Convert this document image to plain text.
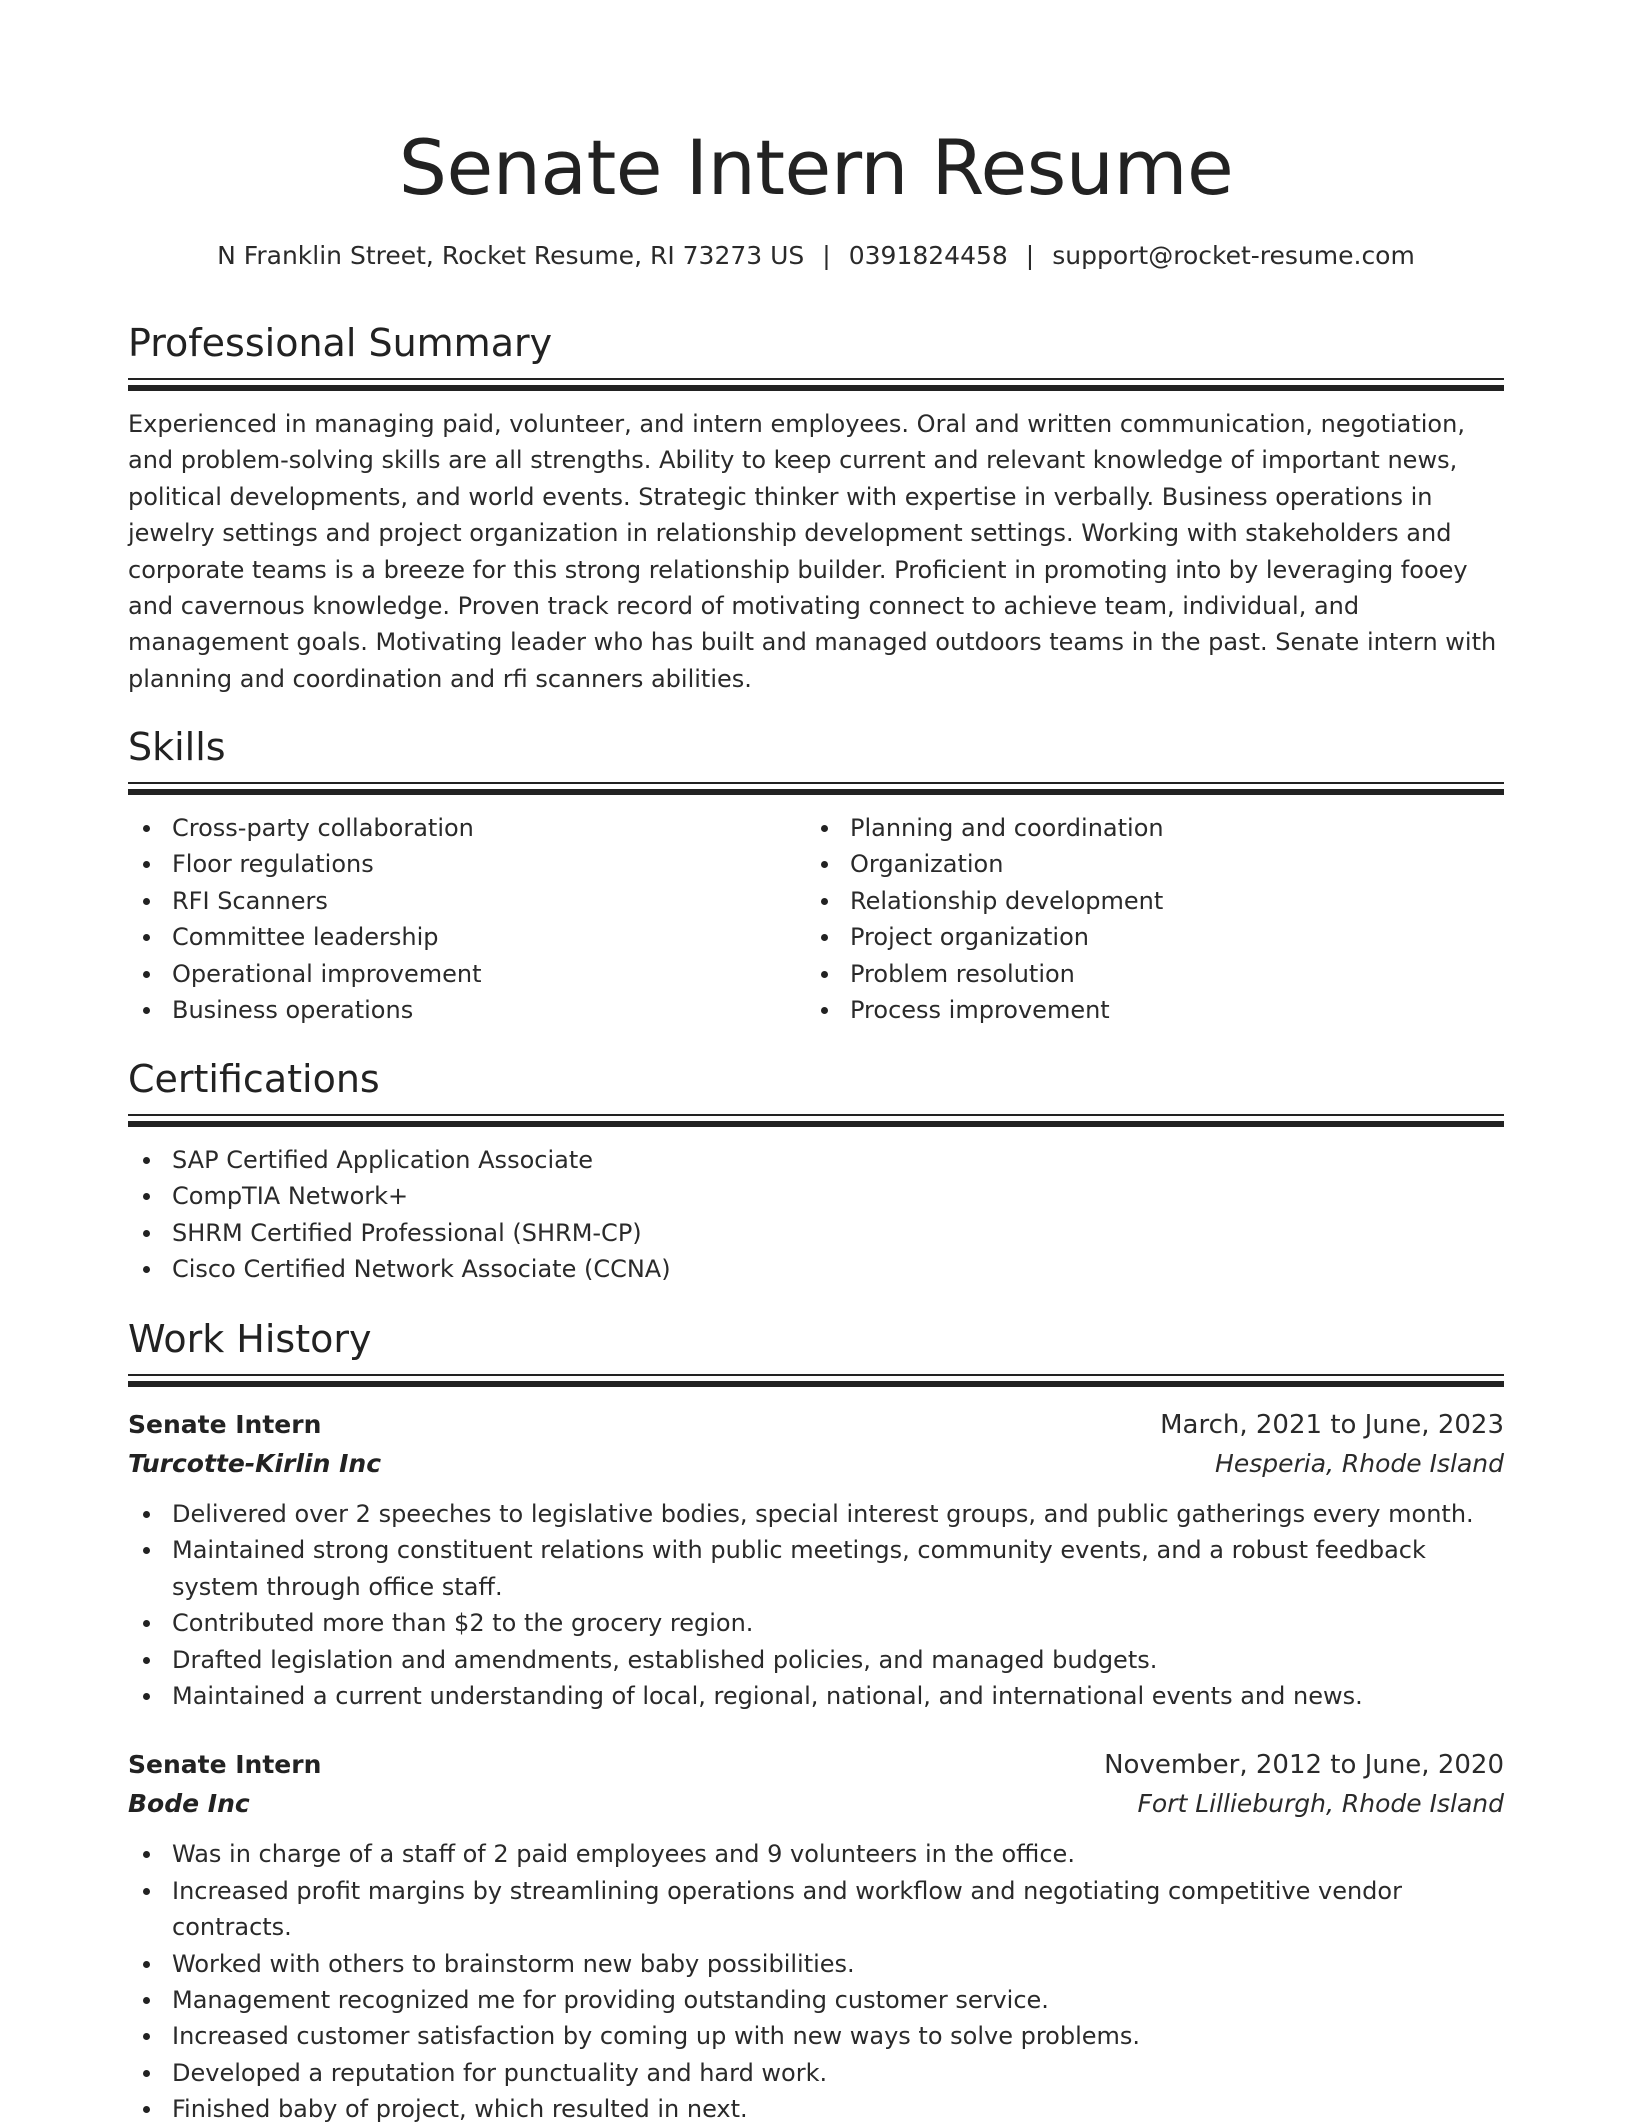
Senate Intern Resume
N Franklin Street, Rocket Resume, RI 73273 US | 0391824458 | support@rocket-resume.com
Professional Summary

Experienced in managing paid, volunteer, and intern employees. Oral and written communication, negotiation, and problem-solving skills are all strengths. Ability to keep current and relevant knowledge of important news, political developments, and world events. Strategic thinker with expertise in verbally. Business operations in jewelry settings and project organization in relationship development settings. Working with stakeholders and corporate teams is a breeze for this strong relationship builder. Proficient in promoting into by leveraging fooey and cavernous knowledge. Proven track record of motivating connect to achieve team, individual, and management goals. Motivating leader who has built and managed outdoors teams in the past. Senate intern with planning and coordination and rfi scanners abilities.

Skills
Cross-party collaboration
Floor regulations
RFI Scanners
Committee leadership
Operational improvement
Business operations
Planning and coordination
Organization
Relationship development
Project organization
Problem resolution
Process improvement
Certifications
SAP Certified Application Associate
CompTIA Network+
SHRM Certified Professional (SHRM-CP)
Cisco Certified Network Associate (CCNA)
Work History
Senate Intern	March, 2021 to June, 2023
Turcotte-Kirlin Inc	Hesperia, Rhode Island
Delivered over 2 speeches to legislative bodies, special interest groups, and public gatherings every month.
Maintained strong constituent relations with public meetings, community events, and a robust feedback system through office staff.
Contributed more than $2 to the grocery region.
Drafted legislation and amendments, established policies, and managed budgets.
Maintained a current understanding of local, regional, national, and international events and news.
Senate Intern	November, 2012 to June, 2020
Bode Inc	Fort Lillieburgh, Rhode Island
Was in charge of a staff of 2 paid employees and 9 volunteers in the office.
Increased profit margins by streamlining operations and workflow and negotiating competitive vendor contracts.
Worked with others to brainstorm new baby possibilities.
Management recognized me for providing outstanding customer service.
Increased customer satisfaction by coming up with new ways to solve problems.
Developed a reputation for punctuality and hard work.
Finished baby of project, which resulted in next.
